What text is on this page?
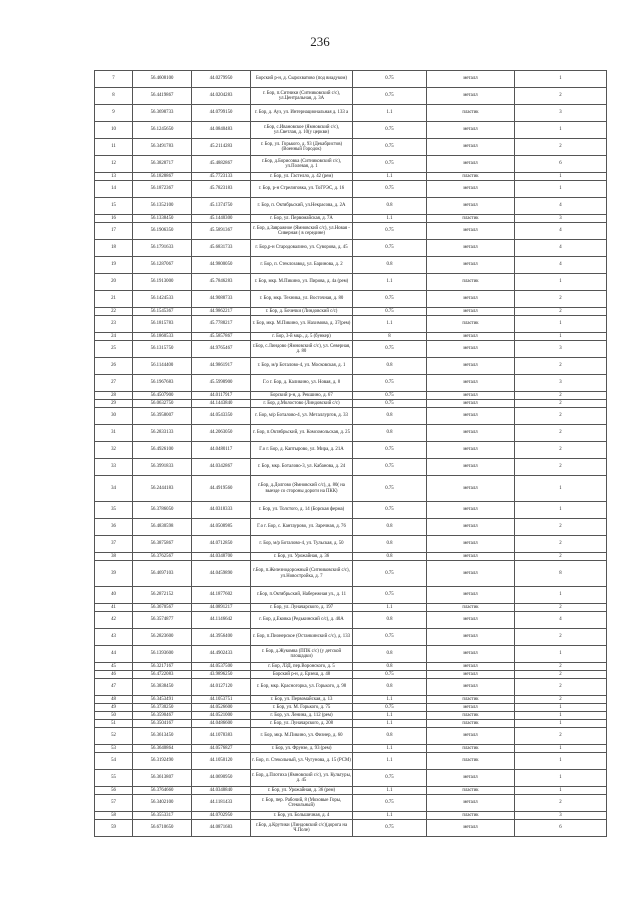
236
7	56.4608100	44.0279950	Борский р-н, д. Сырохватово (под виадуком)	0.75	металл	1
8	56.4419867	44.0204283	г. Бор, п.Ситники (Ситниковский с/с), ул.Центральная, д. 3А	0.75	металл	2
9	56.3698733	44.0799150	г. Бор, д. Ауз, ул. Интернациональная д. 133 а	1.1	пластик	3
10	56.1245650	44.0840483	г.Бор, с.Ивановское (Ямновский с/с), ул.Светлая, д. 10(у церкви)	0.75	металл	1
11	56.3491783	45.2114283	г. Бор, ул. Горького, д. 93 (Декабристов) (Военный Городок)	0.75	металл	2
12	56.3828717	45.4882867	г.Бор, д.Борисовка (Ситниковский с/с), ул.Полевая, д. 1	0.75	металл	6
13	56.1828867	45.7723133	г. Бор, ул. Гастелло, д. 42 (рем)	1.1	пластик	1
14	56.1872367	45.7823183	г. Бор, р-н Стрелиговка, ул. ТоГРЭС, д. 16	0.75	металл	1
15	56.1352100	45.1374750	г. Бор, п. Октябрьский, ул.Некрасова, д. 2А	0.8	металл	4
16	56.1338450	45.1440300	г. Бор, ул. Первомайская, д. 7А	1.1	пластик	3
17	56.1906350	45.5891367	г. Бор, д.Завражное (Ямновский с/с), ул.Новая - Сиверная ( в середине)	0.75	металл	4
18	56.1791633	45.6831733	г. Бор,р-н Стародовалино, ул. Суворова, д. 45	0.75	металл	4
19	56.1287067	44.9800050	г. Бор, п. Стеклозавод, ул. Баринова, д. 2	0.8	металл	4
20	56.1913000	45.7846283	г. Бор, мкр. М.Пикино, ул. Пирова, д. 4а (рем)	1.1	пластик	1
21	56.1424533	44.9088733	г. Бор, мкр. Техника, ул. Восточная, д. 80	0.75	металл	2
22	56.1545367	44.9862217	г. Бор, д. Бочечки (Линдовский с/с)	0.75	металл	2
23	56.1815783	45.7788217	г. Бор, мкр. М.Пикино, ул. Нахимова, д. 37(рем)	1.1	пластик	1
24	56.1860533	45.5857867	г. Бор, 3-й мкр., д. 5 (бункер)	8	металл	1
25	56.1315750	44.9765467	г.Бор, с.Линдово (Ямновский с/с), ул. Северная, д. 80	0.75	металл	3
26	56.1144400	44.9861917	г. Бор, м/р Боталово-4, ул. Московская, д. 1	0.8	металл	2
27	56.1967683	45.5998900	Г.о г. Бор, д. Каликино, ул. Новая, д. 8	0.75	металл	3
28	56.4507900	44.0117917	Борский р-н, д. Рекшино, д. 67	0.75	металл	2
29	56.0632750	44.1443840	г. Бор, д.Молостово (Линдовский с/с)	0.75	металл	2
30	56.3958007	44.0543350	г. Бор, м/р Боталово-4, ул. Металлургов, д. 33	0.8	металл	2
31	56.2833133	44.2063050	г. Бор, п.Октябрьский, ул. Комсомольская, д. 25	0.8	металл	2
32	56.4926100	44.0480117	Г.о г. Бор, д. Каптырово, ул. Мира, д. 21А	0.75	металл	2
33	56.3991833	44.0342867	г. Бор, мкр. Боталово-3, ул. Кабанова, д. 24	0.75	металл	2
34	56.2444183	44.4919560	г.Бор, д.Долгово (Ямновский с/с), д. 80( на выезде со стороны дороги на ПКК)	0.75	металл	1
35	56.3786050	44.0318333	г. Бор, ул. Толстого, д. 14 (Борская ферма)	0.75	металл	1
36	56.4830598	44.0508985	Г.о г. Бор, с. Кантаурово, ул. Заречная, д. 76	0.8	металл	2
37	56.3875867	44.0712850	г. Бор, м/р Боталово-4, ул. Тульская, д. 50	0.8	металл	2
38	56.3762567	44.0348700	г. Бор, ул. Урожайная, д. 36	0.8	металл	2
39	56.4697103	44.0459890	г.Бор, п.Железнодорожный (Ситниковский с/с), ул.Новостройка, д. 7	0.75	металл	8
40	56.2872152	44.1877602	г.Бор, п.Октябрьский, Набережная ул., д. 11	0.75	металл	1
41	56.3670567	44.0891217	г. Бор, ул. Луначарского, д. 197	1.1	пластик	2
42	56.3574877	44.1146642	г. Бор, д.Ековка (Редькинский с/с), д. 40А	0.8	металл	4
43	56.2823600	44.3956400	г. Бор, п.Пионерское (Останкинский с/с), д. 133	0.75	металл	2
44	56.1393600	44.4902433	г. Бор, д.Жукомва (ППК с/с) (у детской площадки)	0.8	металл	1
45	56.3217167	44.0537500	г. Бор, ЛЗД, пер.Воронского, д. 5	0.8	металл	2
46	56.4722083	43.9896250	Борский р-н, д. Ерзеш, д. 48	0.75	металл	2
47	56.3838450	44.0127120	г. Бор, мкр. Красногорка, ул. Горького, д. 98	0.8	металл	2
48	56.3453491	44.1053751	г. Бор, ул. Первомайская, д. 13	1.1	пластик	2
49	56.3730250	44.0526600	г. Бор, ул. М. Горького, д. 75	0.75	металл	1
50	56.3590467	44.0521000	г. Бор, ул. Ленина, д. 112 (рем)	1.1	пластик	1
51	56.3504167	44.0486600	г. Бор, ул. Луначарского, д. 208	1.1	пластик	1
52	56.3613450	44.1078383	г. Бор, мкр. М.Пикино, ул. Физнер, д. 60	0.8	металл	2
53	56.3640864	44.0576827	г. Бор, ул. Фрунзе, д. 93 (рем)	1.1	пластик	1
54	56.3192490	44.1050120	г. Бор, п. Стекольный, ул. Чугунова, д. 15 (РСМ)	1.1	пластик	1
55	56.3613807	44.0690950	г. Бор, д.Плотиха (Ямновский с/с), ул. Культуры, д. 45	0.75	металл	1
56	56.3764660	44.0348840	г. Бор, ул. Урожайная, д. 36 (рем)	1.1	пластик	1
57	56.3402100	44.1181433	г. Бор, пер. Рабочий, 8 (Моховые Горы, Стекольный)	0.75	металл	2
58	56.3553317	44.0702950	г. Бор, ул. Большичная, д. 4	1.1	пластик	3
59	56.6710650	44.0871683	г.Бор, д.Крутики (Линдовский с/с)(дорога на Ч.Поле)	0.75	металл	6
